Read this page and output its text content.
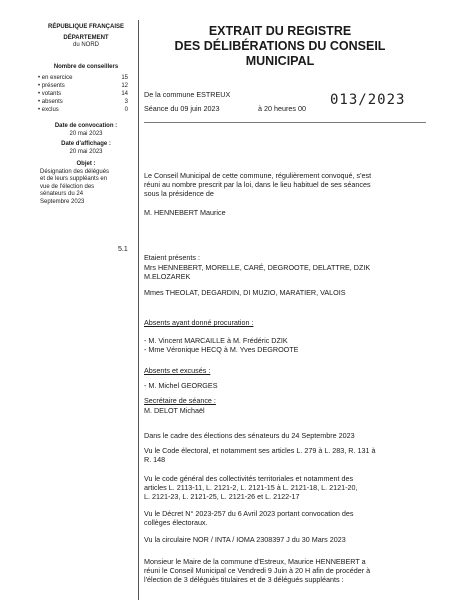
RÉPUBLIQUE FRANÇAISE
DÉPARTEMENT
du NORD
Nombre de conseillers
• en exercice	15
• présents	12
• votants	14
• absents	3
• exclus	0
Date de convocation :
20 mai 2023
Date d'affichage :
20 mai 2023
Objet :
Désignation des délégués
et de leurs suppléants en
vue de l'élection des
sénateurs du 24
Septembre 2023
5.1
EXTRAIT DU REGISTRE
DES DÉLIBÉRATIONS DU CONSEIL
MUNICIPAL
013/2023
De la commune ESTREUX
Séance du 09 juin 2023	à 20 heures 00
Le Conseil Municipal de cette commune, régulièrement convoqué, s'est
réuni au nombre prescrit par la loi, dans le lieu habituel de ses séances
sous la présidence de
M. HENNEBERT Maurice
Etaient présents :
Mrs HENNEBERT, MORELLE, CARÉ, DEGROOTE, DELATTRE, DZIK
M.ELOZAREK
Mmes THEOLAT, DEGARDIN, DI MUZIO, MARATIER, VALOIS
Absents ayant donné procuration :
- M. Vincent MARCAILLE à M. Frédéric DZIK
- Mme Véronique HECQ à M. Yves DEGROOTE
Absents et excusés :
- M. Michel GEORGES
Secrétaire de séance :
M. DELOT Michaël
Dans le cadre des élections des sénateurs du 24 Septembre 2023
Vu le Code électoral, et notamment ses articles L. 279 à L. 283, R. 131 à
R. 148
Vu le code général des collectivités territoriales et notamment des
articles L. 2113-11, L. 2121-2, L. 2121-15 à L. 2121-18, L. 2121-20,
L. 2121-23, L. 2121-25, L. 2121-26 et L. 2122-17
Vu le Décret N° 2023-257 du 6 Avril 2023 portant convocation des
collèges électoraux.
Vu la circulaire NOR / INTA / IOMA 2308397 J du 30 Mars 2023
Monsieur le Maire de la commune d'Estreux, Maurice HENNEBERT a
réuni le Conseil Municipal ce Vendredi 9 Juin à 20 H afin de procéder à
l'élection de 3 délégués titulaires et de 3 délégués suppléants :
